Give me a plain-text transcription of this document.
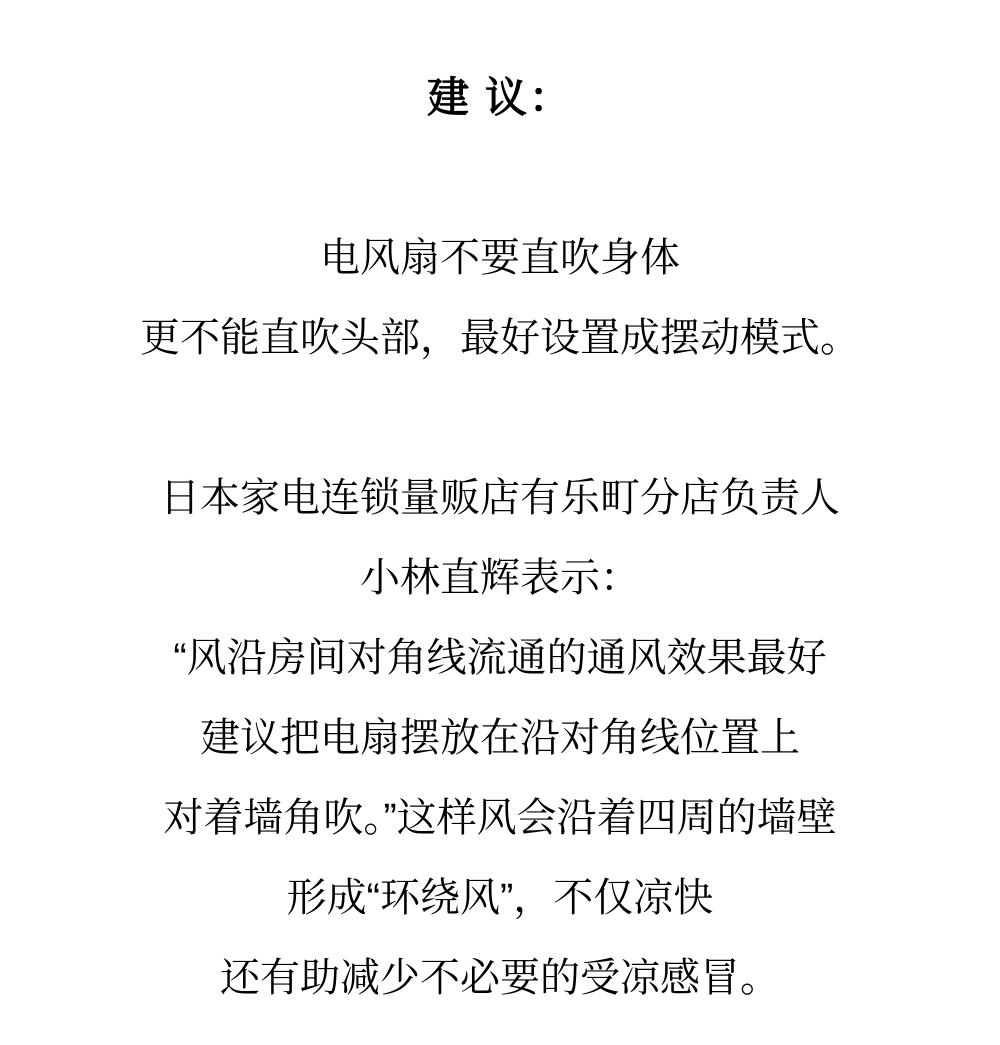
建 议：

电风扇不要直吹身体

更不能直吹头部，最好设置成摆动模式。

日本家电连锁量贩店有乐町分店负责人

小林直辉表示：

“风沿房间对角线流通的通风效果最好

建议把电扇摆放在沿对角线位置上

对着墙角吹。”这样风会沿着四周的墙壁

形成“环绕风”，不仅凉快

还有助减少不必要的受凉感冒。
